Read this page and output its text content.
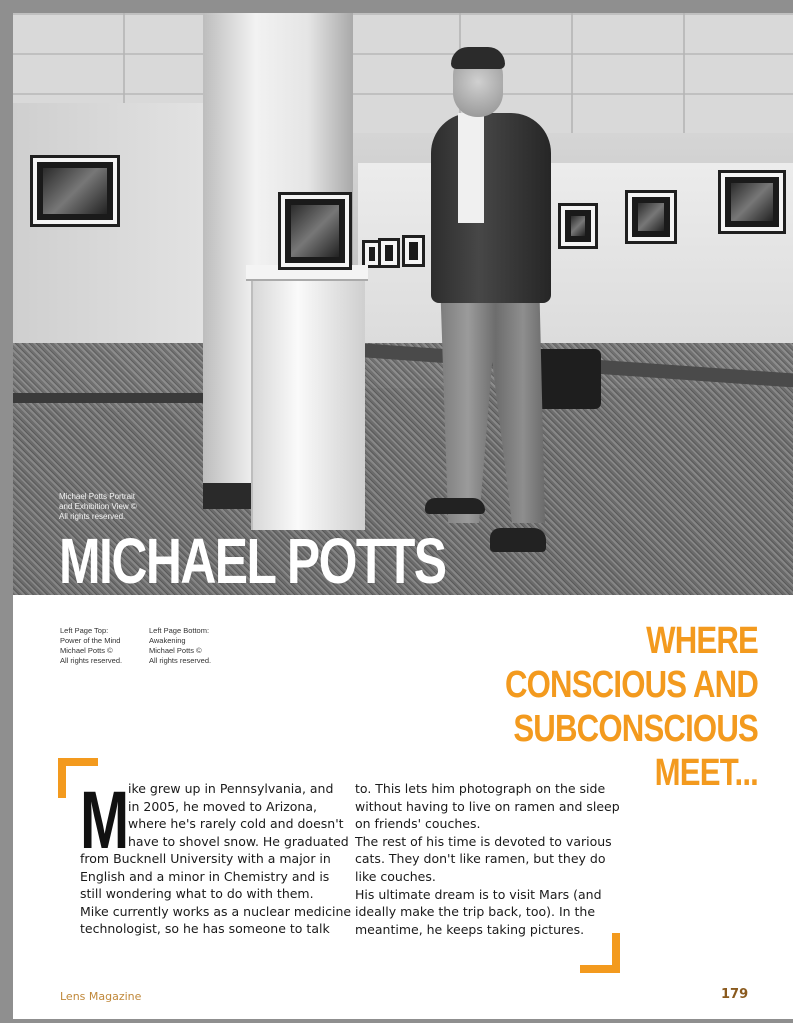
Michael Potts Portrait
and Exhibition View ©
All rights reserved.
MICHAEL POTTS
Left Page Top:
Power of the Mind
Michael Potts ©
All rights reserved.
Left Page Bottom:
Awakening
Michael Potts ©
All rights reserved.	WHERE
CONSCIOUS AND
SUBCONSCIOUS
MEET...
M
ike grew up in Pennsylvania, and
in 2005, he moved to Arizona,
where he's rarely cold and doesn't
have to shovel snow. He graduated
from Bucknell University with a major in
English and a minor in Chemistry and is
still wondering what to do with them.
Mike currently works as a nuclear medicine
technologist, so he has someone to talk
to. This lets him photograph on the side
without having to live on ramen and sleep
on friends' couches.
The rest of his time is devoted to various
cats. They don't like ramen, but they do
like couches.
His ultimate dream is to visit Mars (and
ideally make the trip back, too). In the
meantime, he keeps taking pictures.
Lens Magazine	179
